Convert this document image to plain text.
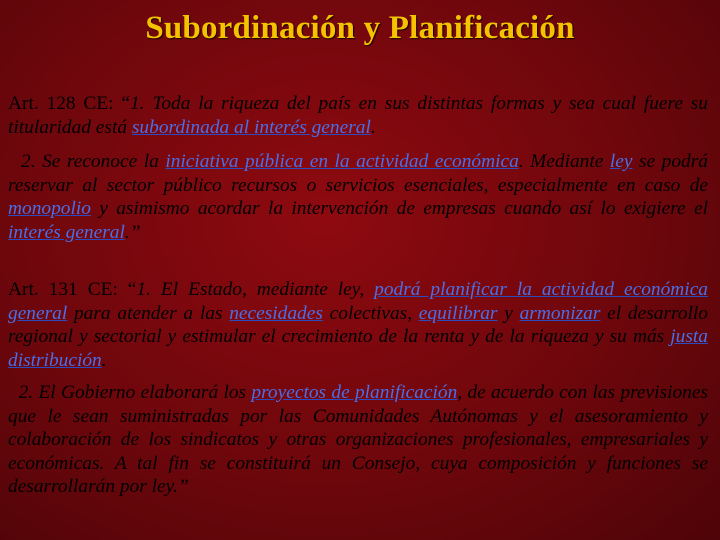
Subordinación y Planificación

Art. 128 CE: “1. Toda la riqueza del país en sus distintas formas y sea cual fuere su titularidad está subordinada al interés general.

2. Se reconoce la iniciativa pública en la actividad económica. Mediante ley se podrá reservar al sector público recursos o servicios esenciales, especialmente en caso de monopolio y asimismo acordar la intervención de empresas cuando así lo exigiere el interés general.”

Art. 131 CE: “1. El Estado, mediante ley, podrá planificar la actividad económica general para atender a las necesidades colectivas, equilibrar y armonizar el desarrollo regional y sectorial y estimular el crecimiento de la renta y de la riqueza y su más justa distribución.

2. El Gobierno elaborará los proyectos de planificación, de acuerdo con las previsiones que le sean suministradas por las Comunidades Autónomas y el asesoramiento y colaboración de los sindicatos y otras organizaciones profesionales, empresariales y económicas. A tal fin se constituirá un Consejo, cuya composición y funciones se desarrollarán por ley.”
